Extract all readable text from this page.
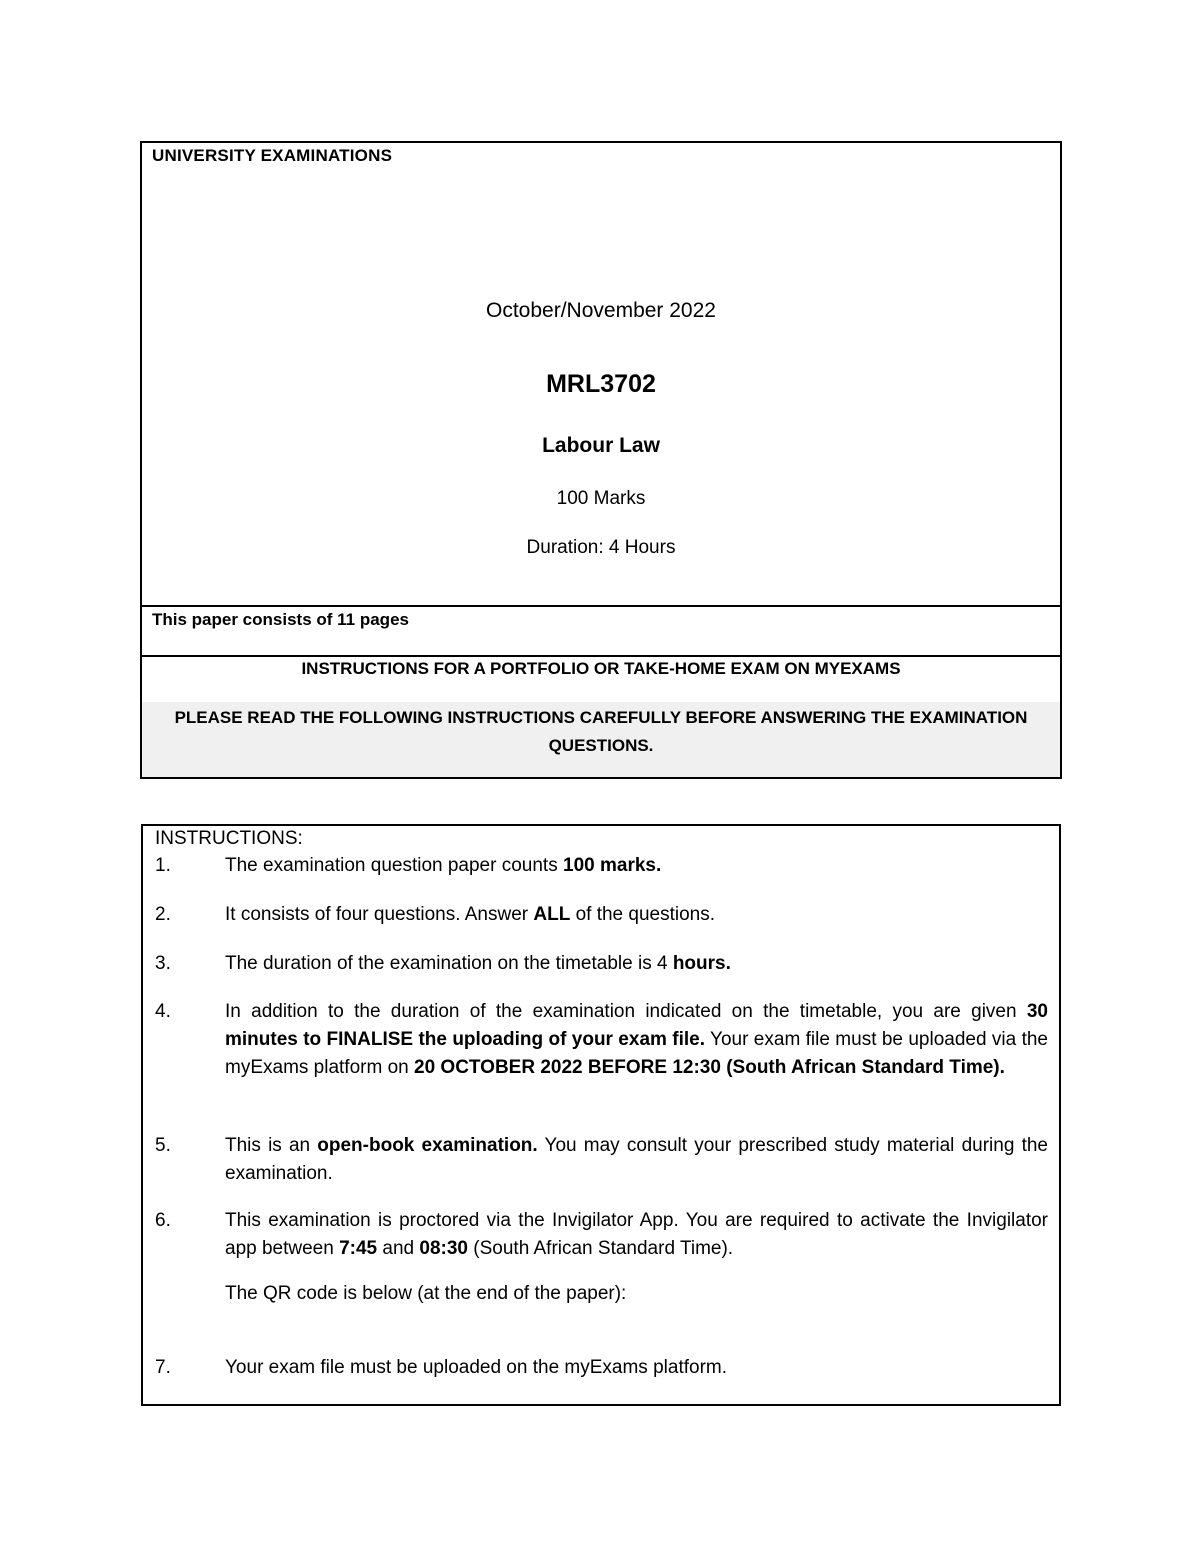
UNIVERSITY EXAMINATIONS
October/November 2022
MRL3702
Labour Law
100 Marks
Duration: 4 Hours
This paper consists of 11 pages
INSTRUCTIONS FOR A PORTFOLIO OR TAKE-HOME EXAM ON MYEXAMS
PLEASE READ THE FOLLOWING INSTRUCTIONS CAREFULLY BEFORE ANSWERING THE EXAMINATION QUESTIONS.
INSTRUCTIONS:
1.	The examination question paper counts 100 marks.
2.	It consists of four questions. Answer ALL of the questions.
3.	The duration of the examination on the timetable is 4 hours.
4.	In addition to the duration of the examination indicated on the timetable, you are given 30 minutes to FINALISE the uploading of your exam file. Your exam file must be uploaded via the myExams platform on 20 OCTOBER 2022 BEFORE 12:30 (South African Standard Time).
5.	This is an open-book examination. You may consult your prescribed study material during the examination.
6.	This examination is proctored via the Invigilator App. You are required to activate the Invigilator app between 7:45 and 08:30 (South African Standard Time).
The QR code is below (at the end of the paper):
7.	Your exam file must be uploaded on the myExams platform.
